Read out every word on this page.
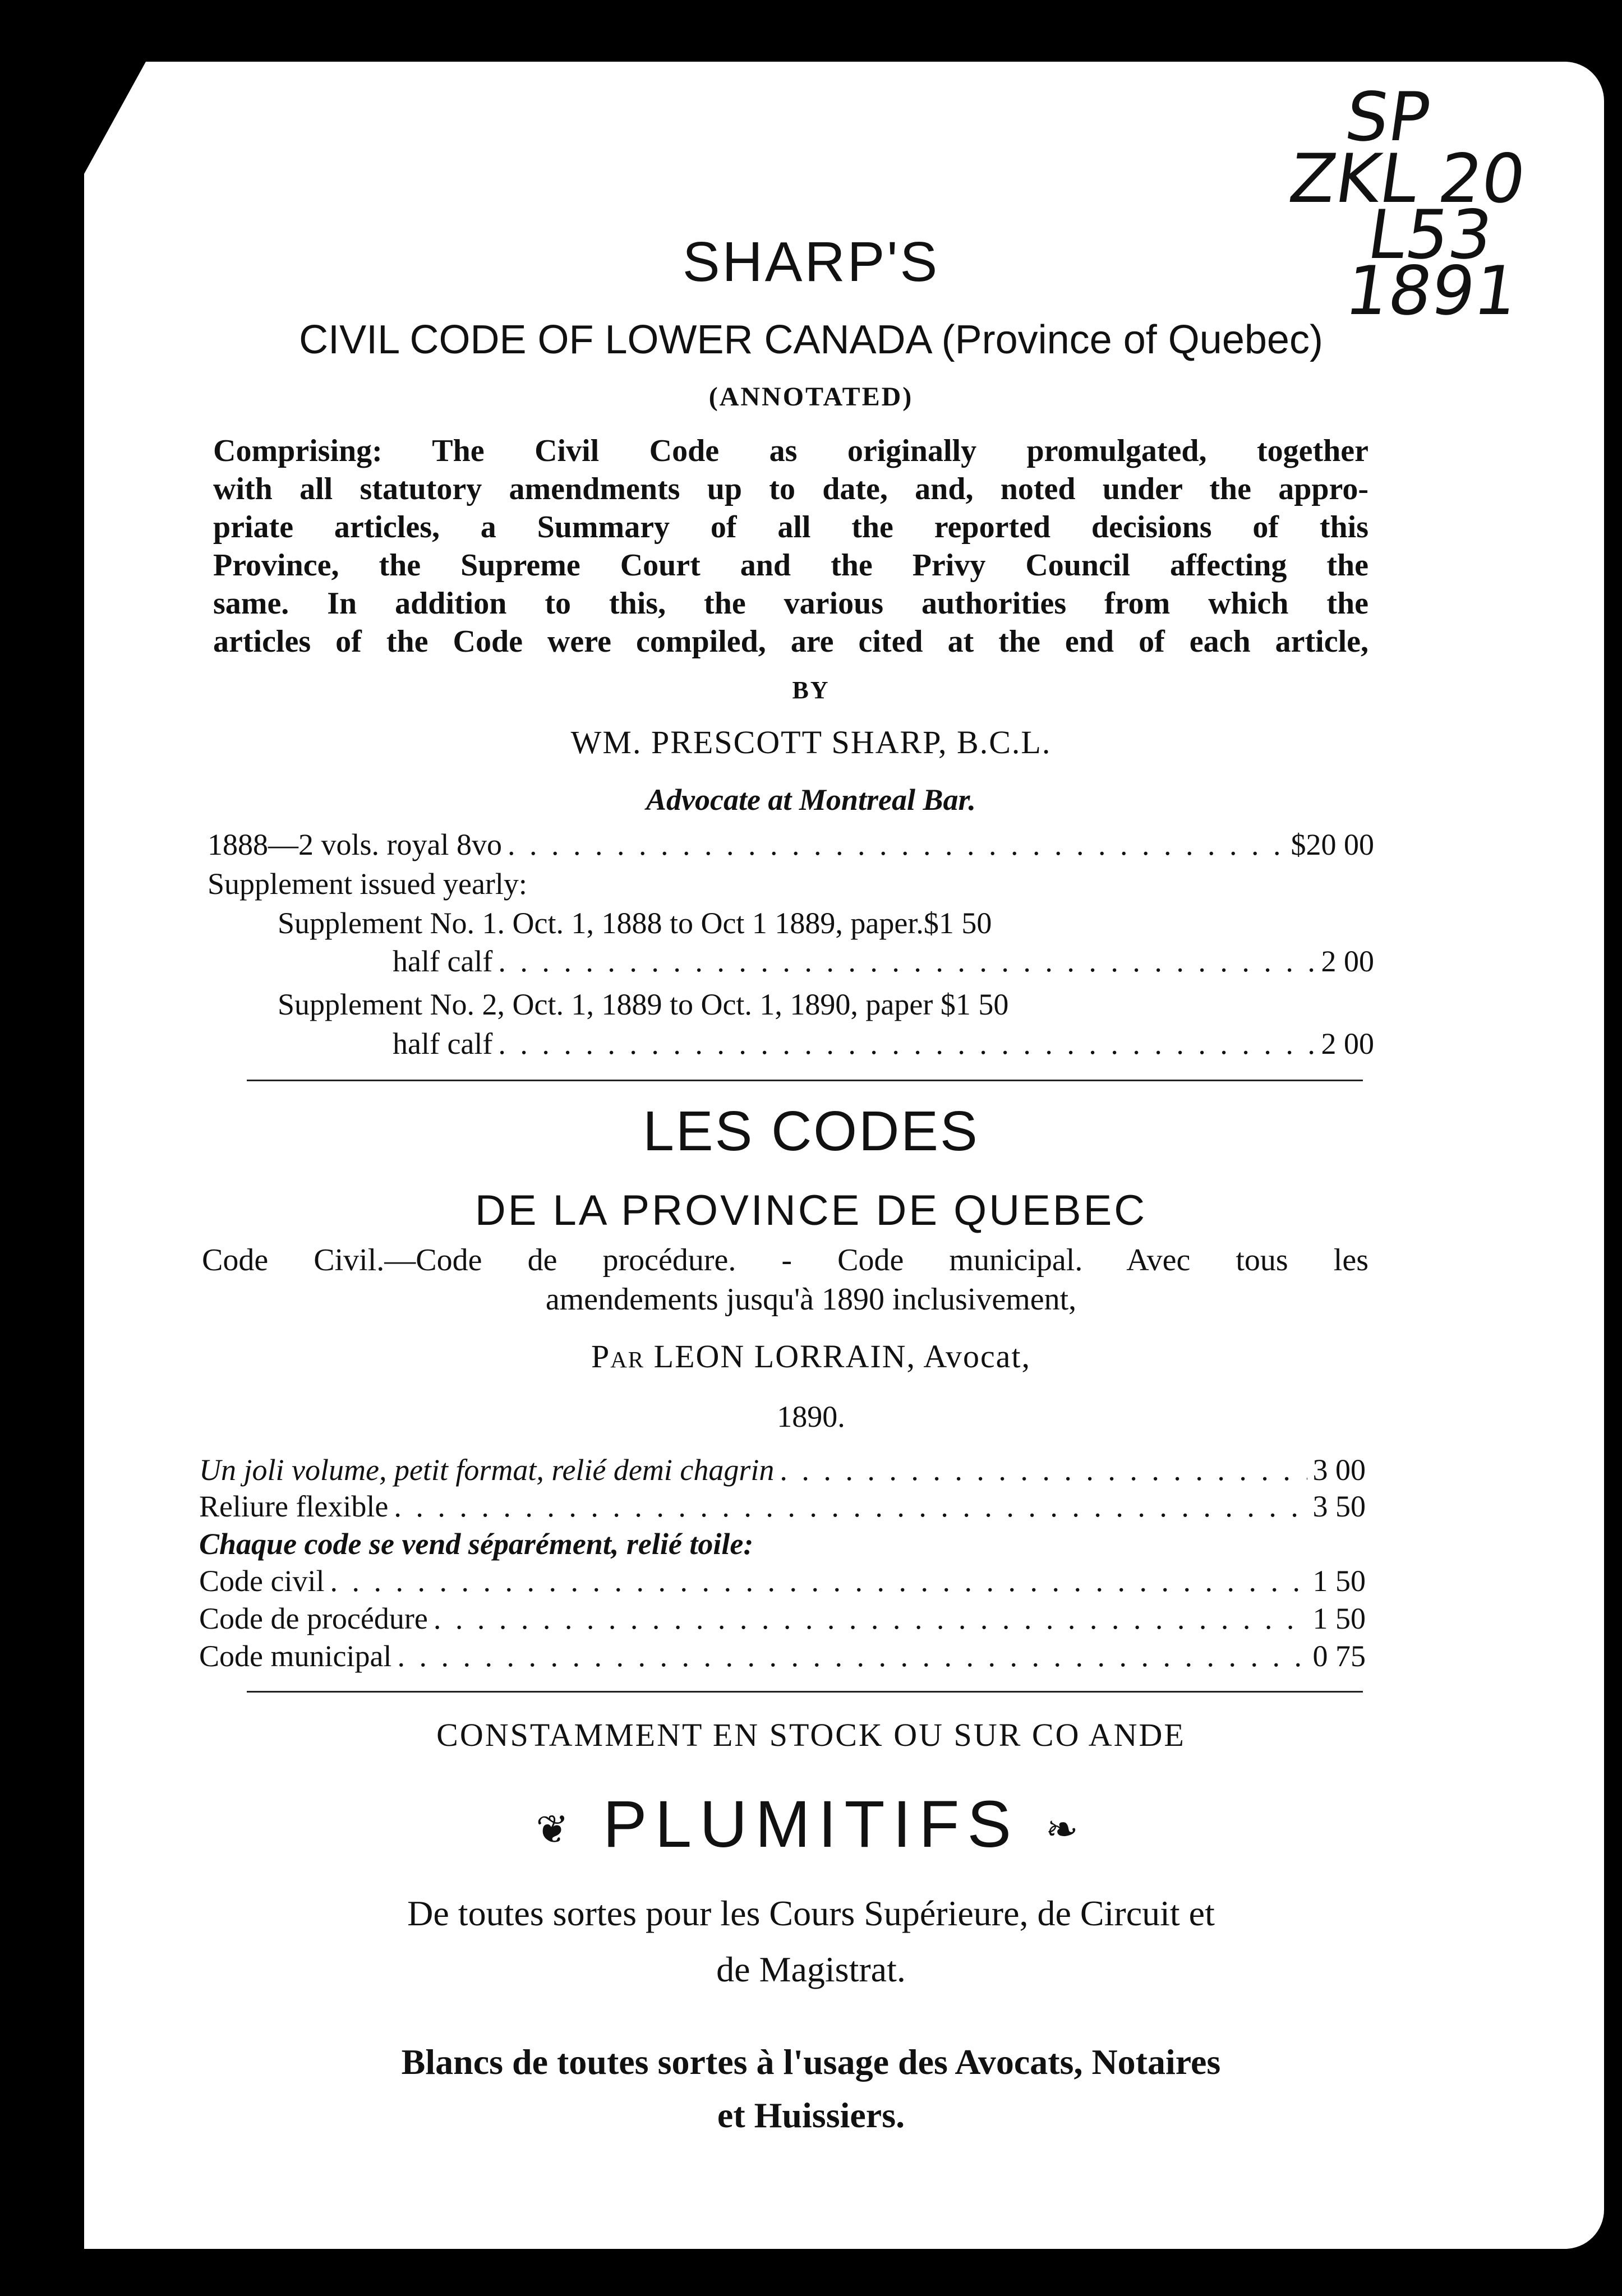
SP
ZKL 20
L53
1891
SHARP'S
CIVIL CODE OF LOWER CANADA (Province of Quebec)
(ANNOTATED)
Comprising: The Civil Code as originally promulgated, together
with all statutory amendments up to date, and, noted under the appro-
priate articles, a Summary of all the reported decisions of this
Province, the Supreme Court and the Privy Council affecting the
same. In addition to this, the various authorities from which the
articles of the Code were compiled, are cited at the end of each article,
BY
WM. PRESCOTT SHARP, B.C.L.
Advocate at Montreal Bar.
1888—2 vols. royal 8vo . . .	$20 00
Supplement issued yearly:
Supplement No. 1. Oct. 1, 1888 to Oct 1 1889, paper.$1 50
half calf . . .	2 00
Supplement No. 2, Oct. 1, 1889 to Oct. 1, 1890, paper $1 50
half calf . . .	2 00
LES CODES
DE LA PROVINCE DE QUEBEC
Code Civil.—Code de procédure. - Code municipal. Avec tous les
amendements jusqu'à 1890 inclusivement,
Par LEON LORRAIN, Avocat,
1890.
Un joli volume, petit format, relié demi chagrin . . .	3 00
Reliure flexible . . .	3 50
Chaque code se vend séparément, relié toile:
Code civil . . .	1 50
Code de procédure . . .	1 50
Code municipal . . .	0 75
CONSTAMMENT EN STOCK OU SUR CO ANDE
❦ PLUMITIFS ❧
De toutes sortes pour les Cours Supérieure, de Circuit et
de Magistrat.
Blancs de toutes sortes à l'usage des Avocats, Notaires
et Huissiers.
